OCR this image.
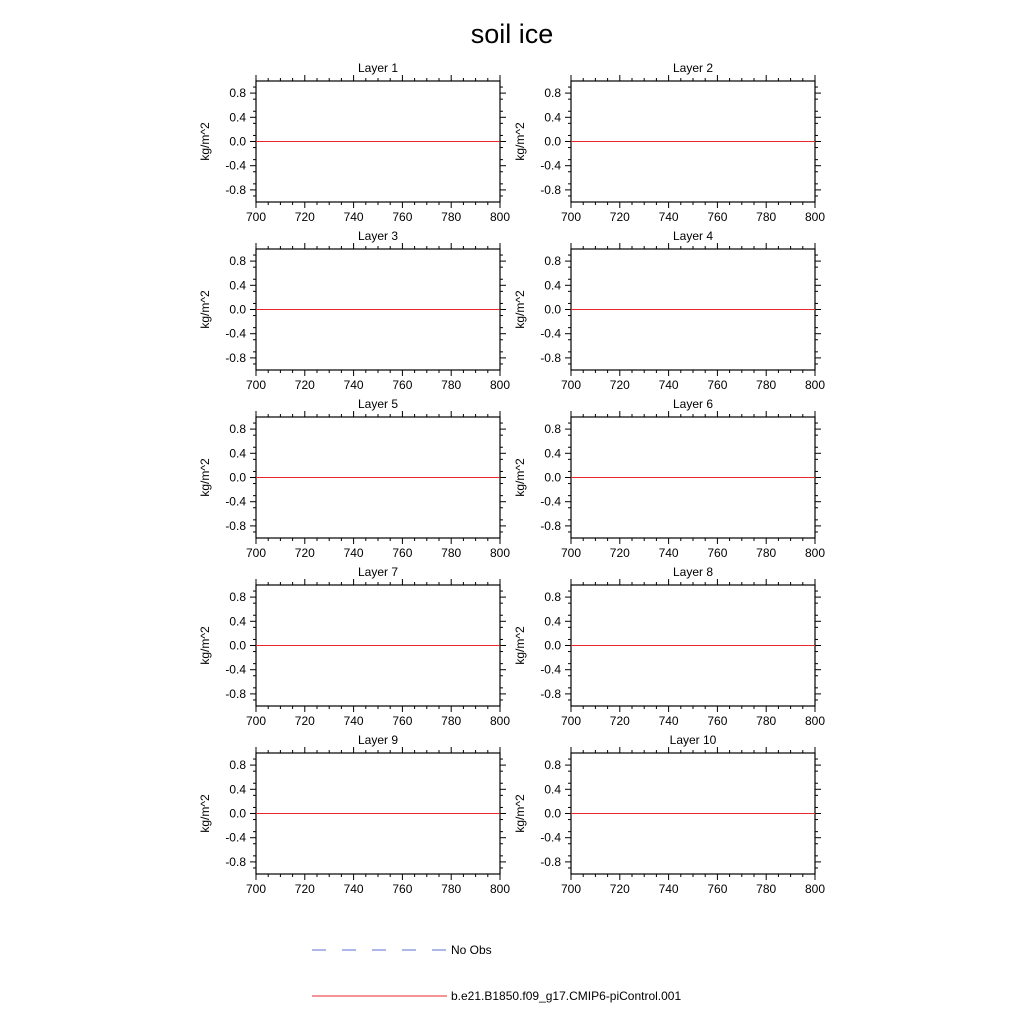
soil ice
Layer 1
700 720 740 760 780 800
0.8
0.4
0.0
-0.4
-0.8
kg/m^2
Layer 2
700 720 740 760 780 800
0.8
0.4
0.0
-0.4
-0.8
kg/m^2
Layer 3
700 720 740 760 780 800
0.8
0.4
0.0
-0.4
-0.8
kg/m^2
Layer 4
700 720 740 760 780 800
0.8
0.4
0.0
-0.4
-0.8
kg/m^2
Layer 5
700 720 740 760 780 800
0.8
0.4
0.0
-0.4
-0.8
kg/m^2
Layer 6
700 720 740 760 780 800
0.8
0.4
0.0
-0.4
-0.8
kg/m^2
Layer 7
700 720 740 760 780 800
0.8
0.4
0.0
-0.4
-0.8
kg/m^2
Layer 8
700 720 740 760 780 800
0.8
0.4
0.0
-0.4
-0.8
kg/m^2
Layer 9
700 720 740 760 780 800
0.8
0.4
0.0
-0.4
-0.8
kg/m^2
Layer 10
700 720 740 760 780 800
0.8
0.4
0.0
-0.4
-0.8
kg/m^2
No Obs
b.e21.B1850.f09_g17.CMIP6-piControl.001
